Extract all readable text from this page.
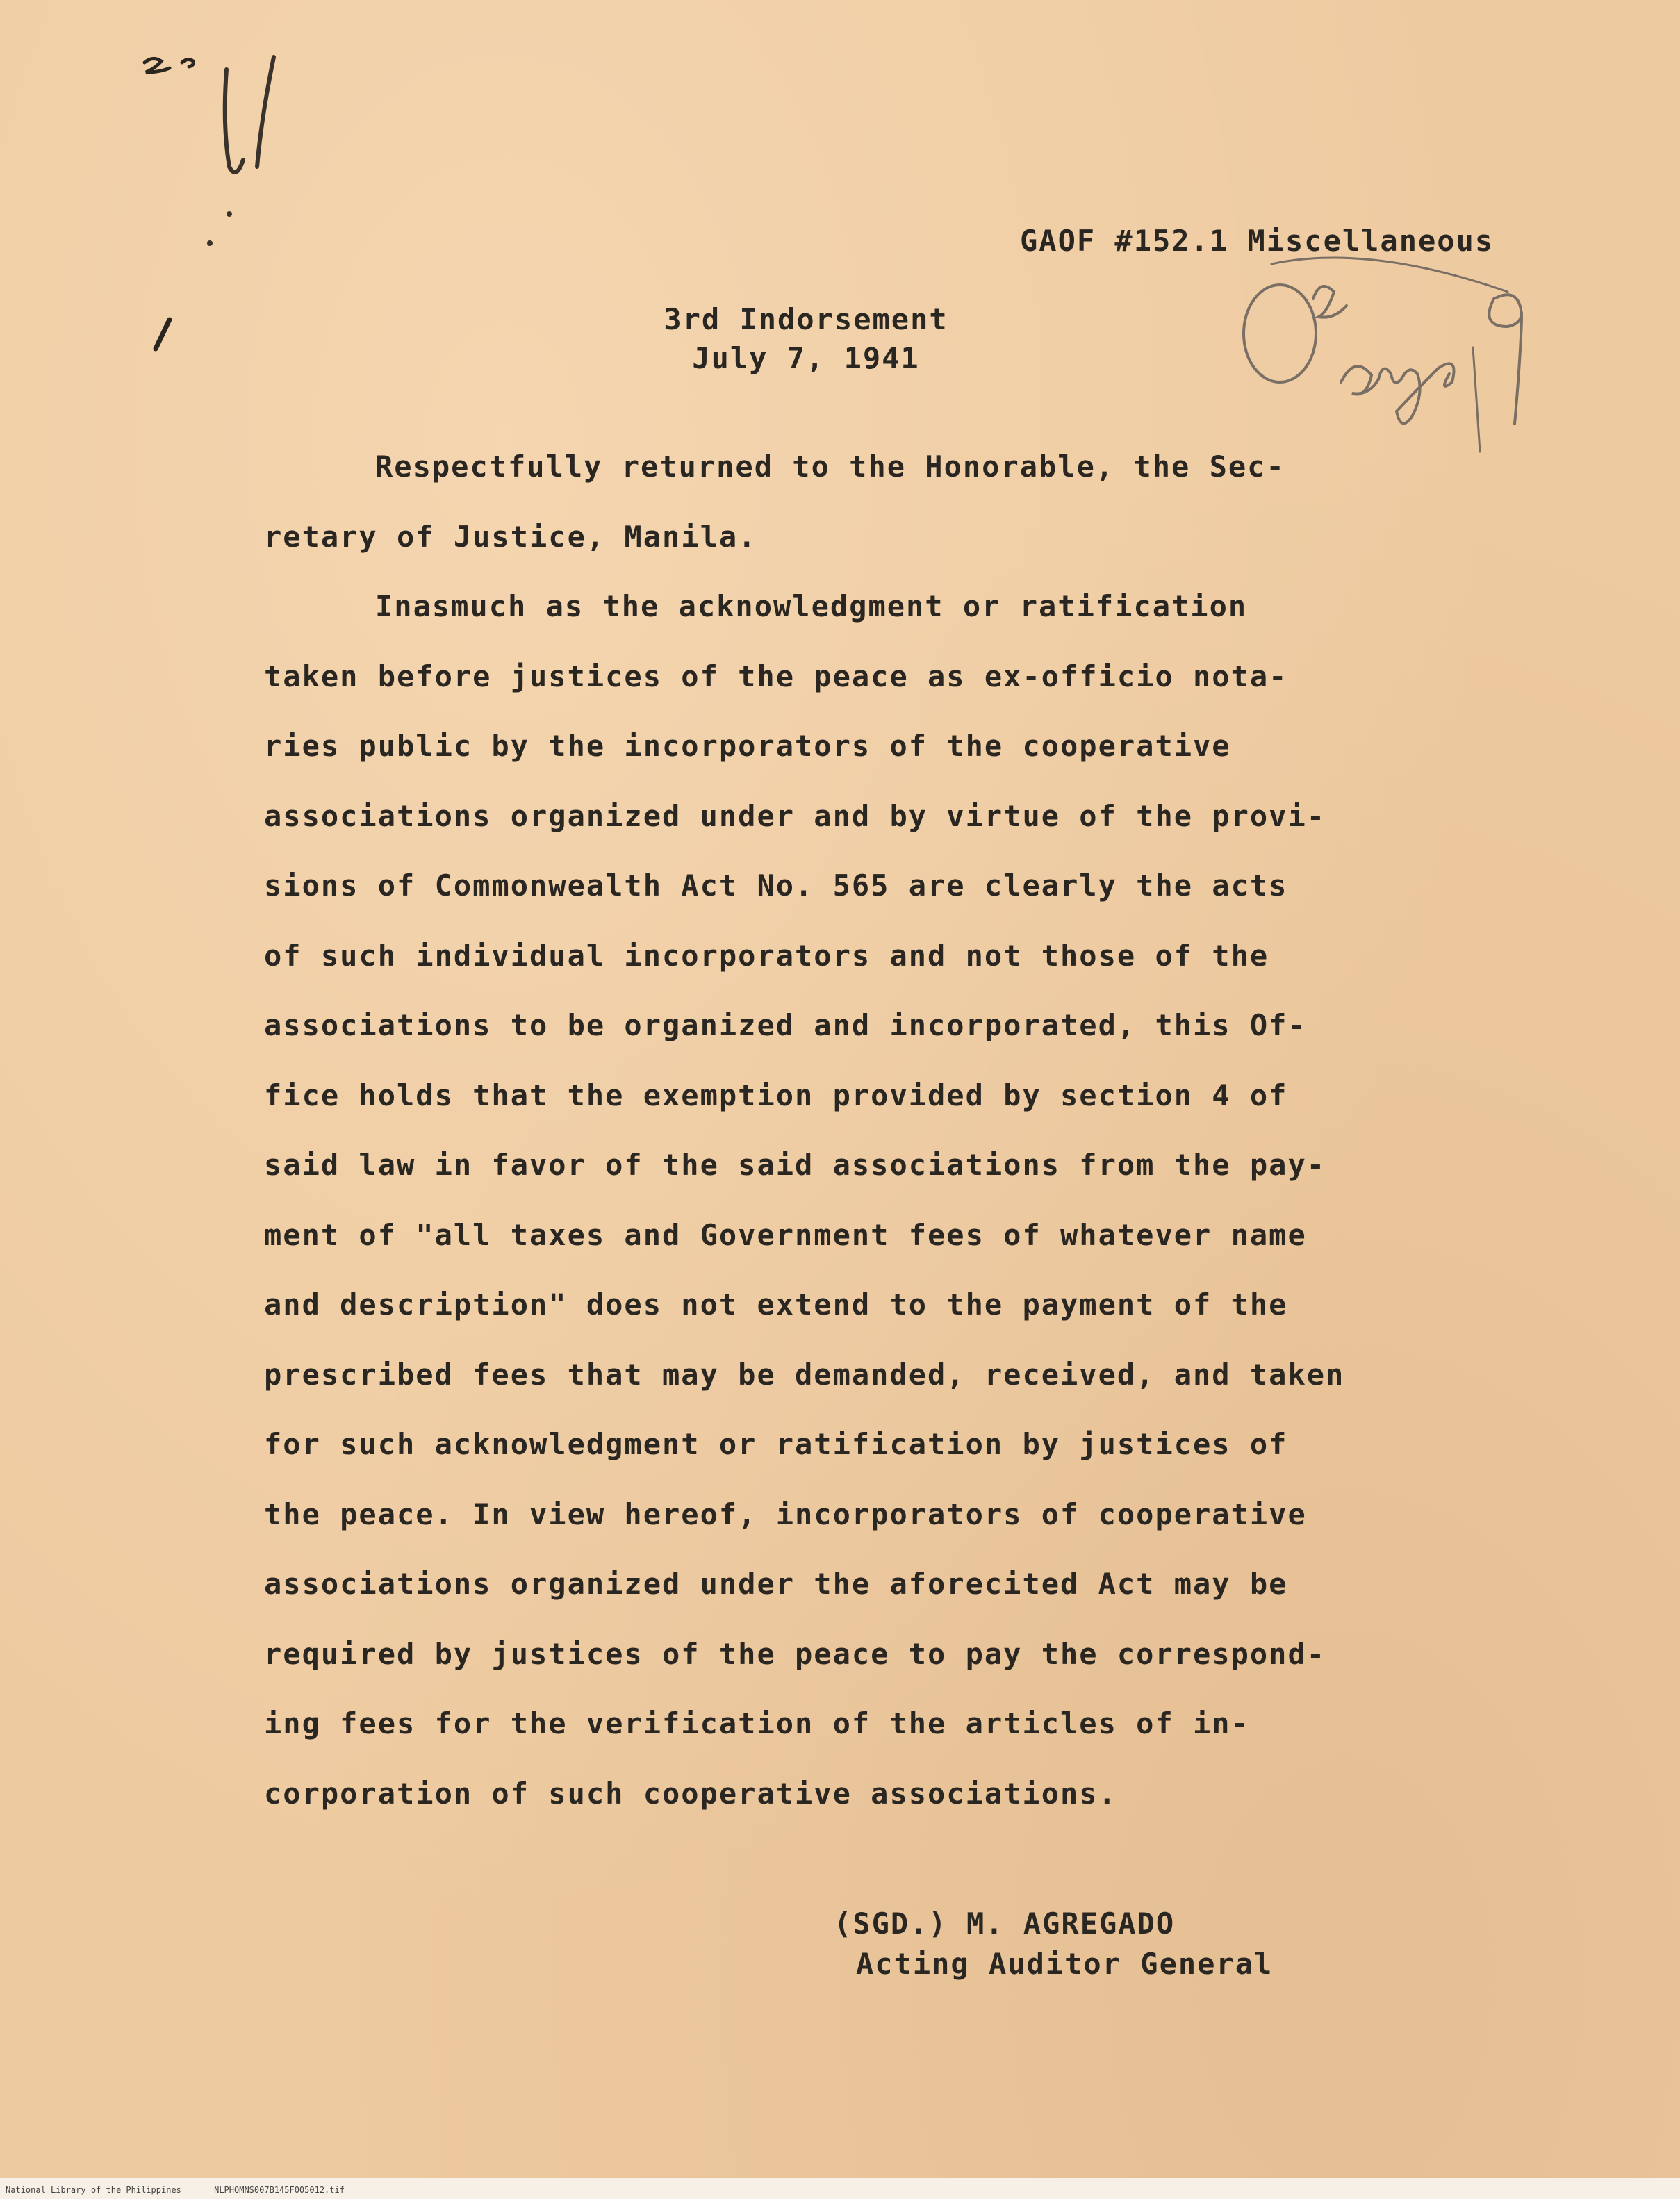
GAOF #152.1 Miscellaneous
3rd Indorsement
July 7, 1941
Respectfully returned to the Honorable, the Sec-
retary of Justice, Manila.
Inasmuch as the acknowledgment or ratification
taken before justices of the peace as ex-officio nota-
ries public by the incorporators of the cooperative
associations organized under and by virtue of the provi-
sions of Commonwealth Act No. 565 are clearly the acts
of such individual incorporators and not those of the
associations to be organized and incorporated, this Of-
fice holds that the exemption provided by section 4 of
said law in favor of the said associations from the pay-
ment of "all taxes and Government fees of whatever name
and description" does not extend to the payment of the
prescribed fees that may be demanded, received, and taken
for such acknowledgment or ratification by justices of
the peace. In view hereof, incorporators of cooperative
associations organized under the aforecited Act may be
required by justices of the peace to pay the correspond-
ing fees for the verification of the articles of in-
corporation of such cooperative associations.
(SGD.) M. AGREGADO
Acting Auditor General
National Library of the Philippines	NLPHQMNS007B145F005012.tif
